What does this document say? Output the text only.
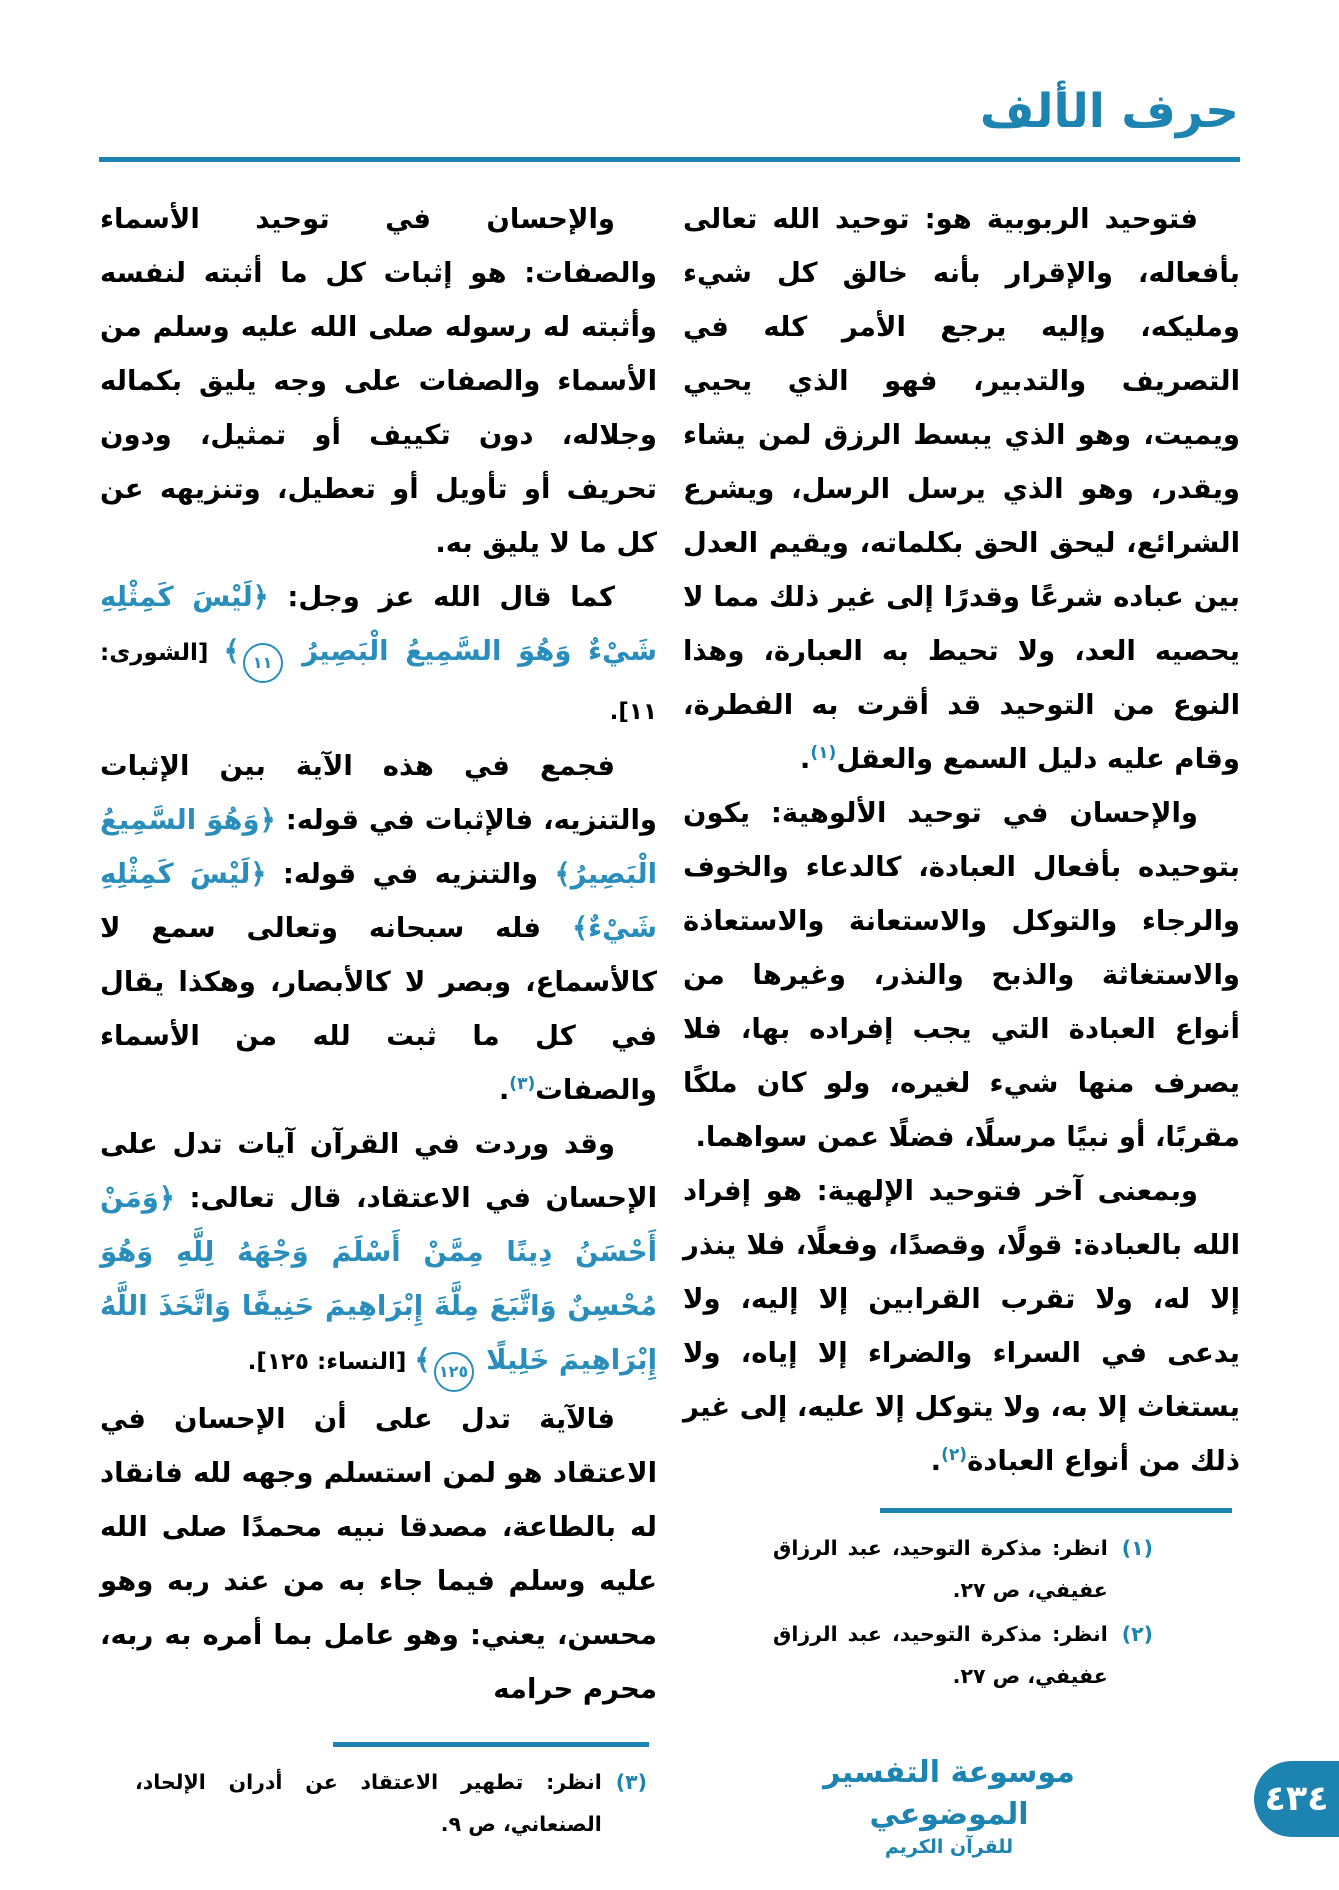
حرف الألف

فتوحيد الربوبية هو: توحيد الله تعالى بأفعاله، والإقرار بأنه خالق كل شيء ومليكه، وإليه يرجع الأمر كله في التصريف والتدبير، فهو الذي يحيي ويميت، وهو الذي يبسط الرزق لمن يشاء ويقدر، وهو الذي يرسل الرسل، ويشرع الشرائع، ليحق الحق بكلماته، ويقيم العدل بين عباده شرعًا وقدرًا إلى غير ذلك مما لا يحصيه العد، ولا تحيط به العبارة، وهذا النوع من التوحيد قد أقرت به الفطرة، وقام عليه دليل السمع والعقل$^{(١)}$.

والإحسان في توحيد الألوهية: يكون بتوحيده بأفعال العبادة، كالدعاء والخوف والرجاء والتوكل والاستعانة والاستعاذة والاستغاثة والذبح والنذر، وغيرها من أنواع العبادة التي يجب إفراده بها، فلا يصرف منها شيء لغيره، ولو كان ملكًا مقربًا، أو نبيًا مرسلًا، فضلًا عمن سواهما.

وبمعنى آخر فتوحيد الإلهية: هو إفراد الله بالعبادة: قولًا، وقصدًا، وفعلًا، فلا ينذر إلا له، ولا تقرب القرابين إلا إليه، ولا يدعى في السراء والضراء إلا إياه، ولا يستغاث إلا به، ولا يتوكل إلا عليه، إلى غير ذلك من أنواع العبادة$^{(٢)}$.

(١)
انظر: مذكرة التوحيد، عبد الرزاق عفيفي، ص ٢٧.
(٢)
انظر: مذكرة التوحيد، عبد الرزاق عفيفي، ص ٢٧.

والإحسان في توحيد الأسماء والصفات: هو إثبات كل ما أثبته لنفسه وأثبته له رسوله صلى الله عليه وسلم من الأسماء والصفات على وجه يليق بكماله وجلاله، دون تكييف أو تمثيل، ودون تحريف أو تأويل أو تعطيل، وتنزيهه عن كل ما لا يليق به.

كما قال الله عز وجل: ﴿لَيْسَ كَمِثْلِهِ شَيْءٌ وَهُوَ السَّمِيعُ الْبَصِيرُ ١١﴾ [الشورى: ١١].

فجمع في هذه الآية بين الإثبات والتنزيه، فالإثبات في قوله: ﴿وَهُوَ السَّمِيعُ الْبَصِيرُ﴾ والتنزيه في قوله: ﴿لَيْسَ كَمِثْلِهِ شَيْءٌ﴾ فله سبحانه وتعالى سمع لا كالأسماع، وبصر لا كالأبصار، وهكذا يقال في كل ما ثبت لله من الأسماء والصفات$^{(٣)}$.

وقد وردت في القرآن آيات تدل على الإحسان في الاعتقاد، قال تعالى: ﴿وَمَنْ أَحْسَنُ دِينًا مِمَّنْ أَسْلَمَ وَجْهَهُ لِلَّهِ وَهُوَ مُحْسِنٌ وَاتَّبَعَ مِلَّةَ إِبْرَاهِيمَ حَنِيفًا وَاتَّخَذَ اللَّهُ إِبْرَاهِيمَ خَلِيلًا ١٢٥﴾ [النساء: ١٢٥].

فالآية تدل على أن الإحسان في الاعتقاد هو لمن استسلم وجهه لله فانقاد له بالطاعة، مصدقا نبيه محمدًا صلى الله عليه وسلم فيما جاء به من عند ربه وهو محسن، يعني: وهو عامل بما أمره به ربه، محرم حرامه

(٣)
انظر: تطهير الاعتقاد عن أدران الإلحاد، الصنعاني، ص ٩.
موسوعة التفسير الموضوعي
للقرآن الكريم
٤٣٤
